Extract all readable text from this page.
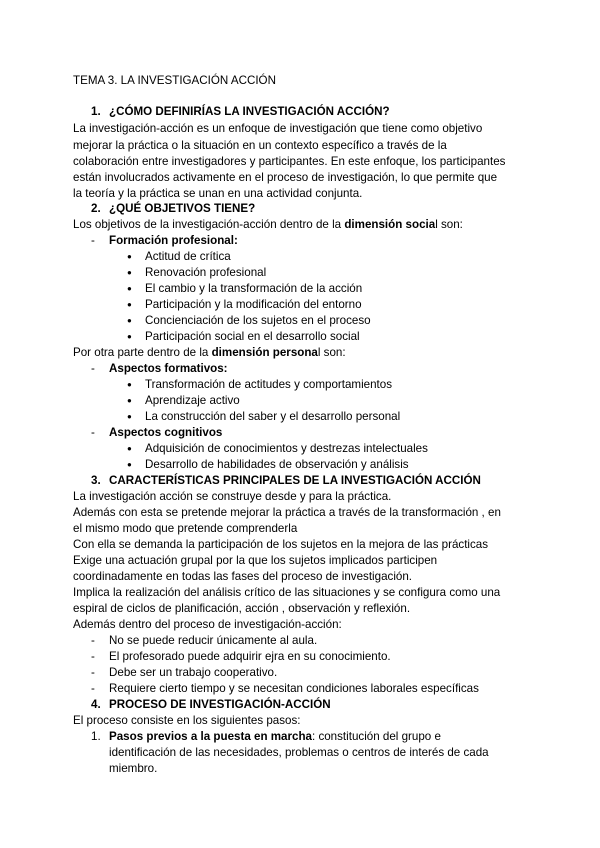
TEMA 3. LA INVESTIGACIÓN ACCIÓN
1. ¿CÓMO DEFINIRÍAS LA INVESTIGACIÓN ACCIÓN?
La investigación-acción es un enfoque de investigación que tiene como objetivo
mejorar la práctica o la situación en un contexto específico a través de la
colaboración entre investigadores y participantes. En este enfoque, los participantes
están involucrados activamente en el proceso de investigación, lo que permite que
la teoría y la práctica se unan en una actividad conjunta.
2. ¿QUÉ OBJETIVOS TIENE?
Los objetivos de la investigación-acción dentro de la dimensión social son:
- Formación profesional:
● Actitud de crítica
● Renovación profesional
● El cambio y la transformación de la acción
● Participación y la modificación del entorno
● Concienciación de los sujetos en el proceso
● Participación social en el desarrollo social
Por otra parte dentro de la dimensión personal son:
- Aspectos formativos:
● Transformación de actitudes y comportamientos
● Aprendizaje activo
● La construcción del saber y el desarrollo personal
- Aspectos cognitivos
● Adquisición de conocimientos y destrezas intelectuales
● Desarrollo de habilidades de observación y análisis
3. CARACTERÍSTICAS PRINCIPALES DE LA INVESTIGACIÓN ACCIÓN
La investigación acción se construye desde y para la práctica.
Además con esta se pretende mejorar la práctica a través de la transformación , en
el mismo modo que pretende comprenderla
Con ella se demanda la participación de los sujetos en la mejora de las prácticas
Exige una actuación grupal por la que los sujetos implicados participen
coordinadamente en todas las fases del proceso de investigación.
Implica la realización del análisis crítico de las situaciones y se configura como una
espiral de ciclos de planificación, acción , observación y reflexión.
Además dentro del proceso de investigación-acción:
- No se puede reducir únicamente al aula.
- El profesorado puede adquirir ejra en su conocimiento.
- Debe ser un trabajo cooperativo.
- Requiere cierto tiempo y se necesitan condiciones laborales específicas
4. PROCESO DE INVESTIGACIÓN-ACCIÓN
El proceso consiste en los siguientes pasos:
1. Pasos previos a la puesta en marcha: constitución del grupo e
identificación de las necesidades, problemas o centros de interés de cada
miembro.
